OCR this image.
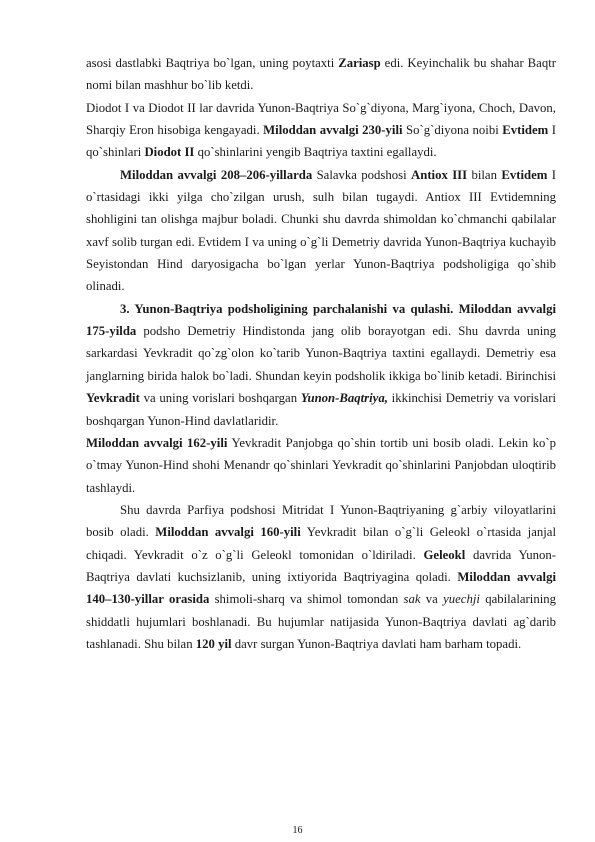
asosi dastlabki Baqtriya bo`lgan, uning poytaxti Zariasp edi. Keyinchalik bu shahar Baqtr nomi bilan mashhur bo`lib ketdi.

Diodot I va Diodot II lar davrida Yunon-Baqtriya So`g`diyona, Marg`iyona, Choch, Davon, Sharqiy Eron hisobiga kengayadi. Miloddan avvalgi 230-yili So`g`diyona noibi Evtidem I qo`shinlari Diodot II qo`shinlarini yengib Baqtriya taxtini egallaydi.

Miloddan avvalgi 208–206-yillarda Salavka podshosi Antiox III bilan Evtidem I o`rtasidagi ikki yilga cho`zilgan urush, sulh bilan tugaydi. Antiox III Evtidemning shohligini tan olishga majbur boladi. Chunki shu davrda shimoldan ko`chmanchi qabilalar xavf solib turgan edi. Evtidem I va uning o`g`li Demetriy davrida Yunon-Baqtriya kuchayib Seyistondan Hind daryosigacha bo`lgan yerlar Yunon-Baqtriya podsholigiga qo`shib olinadi.

3. Yunon-Baqtriya podsholigining parchalanishi va qulashi. Miloddan avvalgi 175-yilda podsho Demetriy Hindistonda jang olib borayotgan edi. Shu davrda uning sarkardasi Yevkradit qo`zg`olon ko`tarib Yunon-Baqtriya taxtini egallaydi. Demetriy esa janglarning birida halok bo`ladi. Shundan keyin podsholik ikkiga bo`linib ketadi. Birinchisi Yevkradit va uning vorislari boshqargan Yunon-Baqtriya, ikkinchisi Demetriy va vorislari boshqargan Yunon-Hind davlatlaridir.

Miloddan avvalgi 162-yili Yevkradit Panjobga qo`shin tortib uni bosib oladi. Lekin ko`p o`tmay Yunon-Hind shohi Menandr qo`shinlari Yevkradit qo`shinlarini Panjobdan uloqtirib tashlaydi.

Shu davrda Parfiya podshosi Mitridat I Yunon-Baqtriyaning g`arbiy viloyatlarini bosib oladi. Miloddan avvalgi 160-yili Yevkradit bilan o`g`li Geleokl o`rtasida janjal chiqadi. Yevkradit o`z o`g`li Geleokl tomonidan o`ldiriladi. Geleokl davrida Yunon-Baqtriya davlati kuchsizlanib, uning ixtiyorida Baqtriyagina qoladi. Miloddan avvalgi 140–130-yillar orasida shimoli-sharq va shimol tomondan sak va yuechji qabilalarining shiddatli hujumlari boshlanadi. Bu hujumlar natijasida Yunon-Baqtriya davlati ag`darib tashlanadi. Shu bilan 120 yil davr surgan Yunon-Baqtriya davlati ham barham topadi.

16
